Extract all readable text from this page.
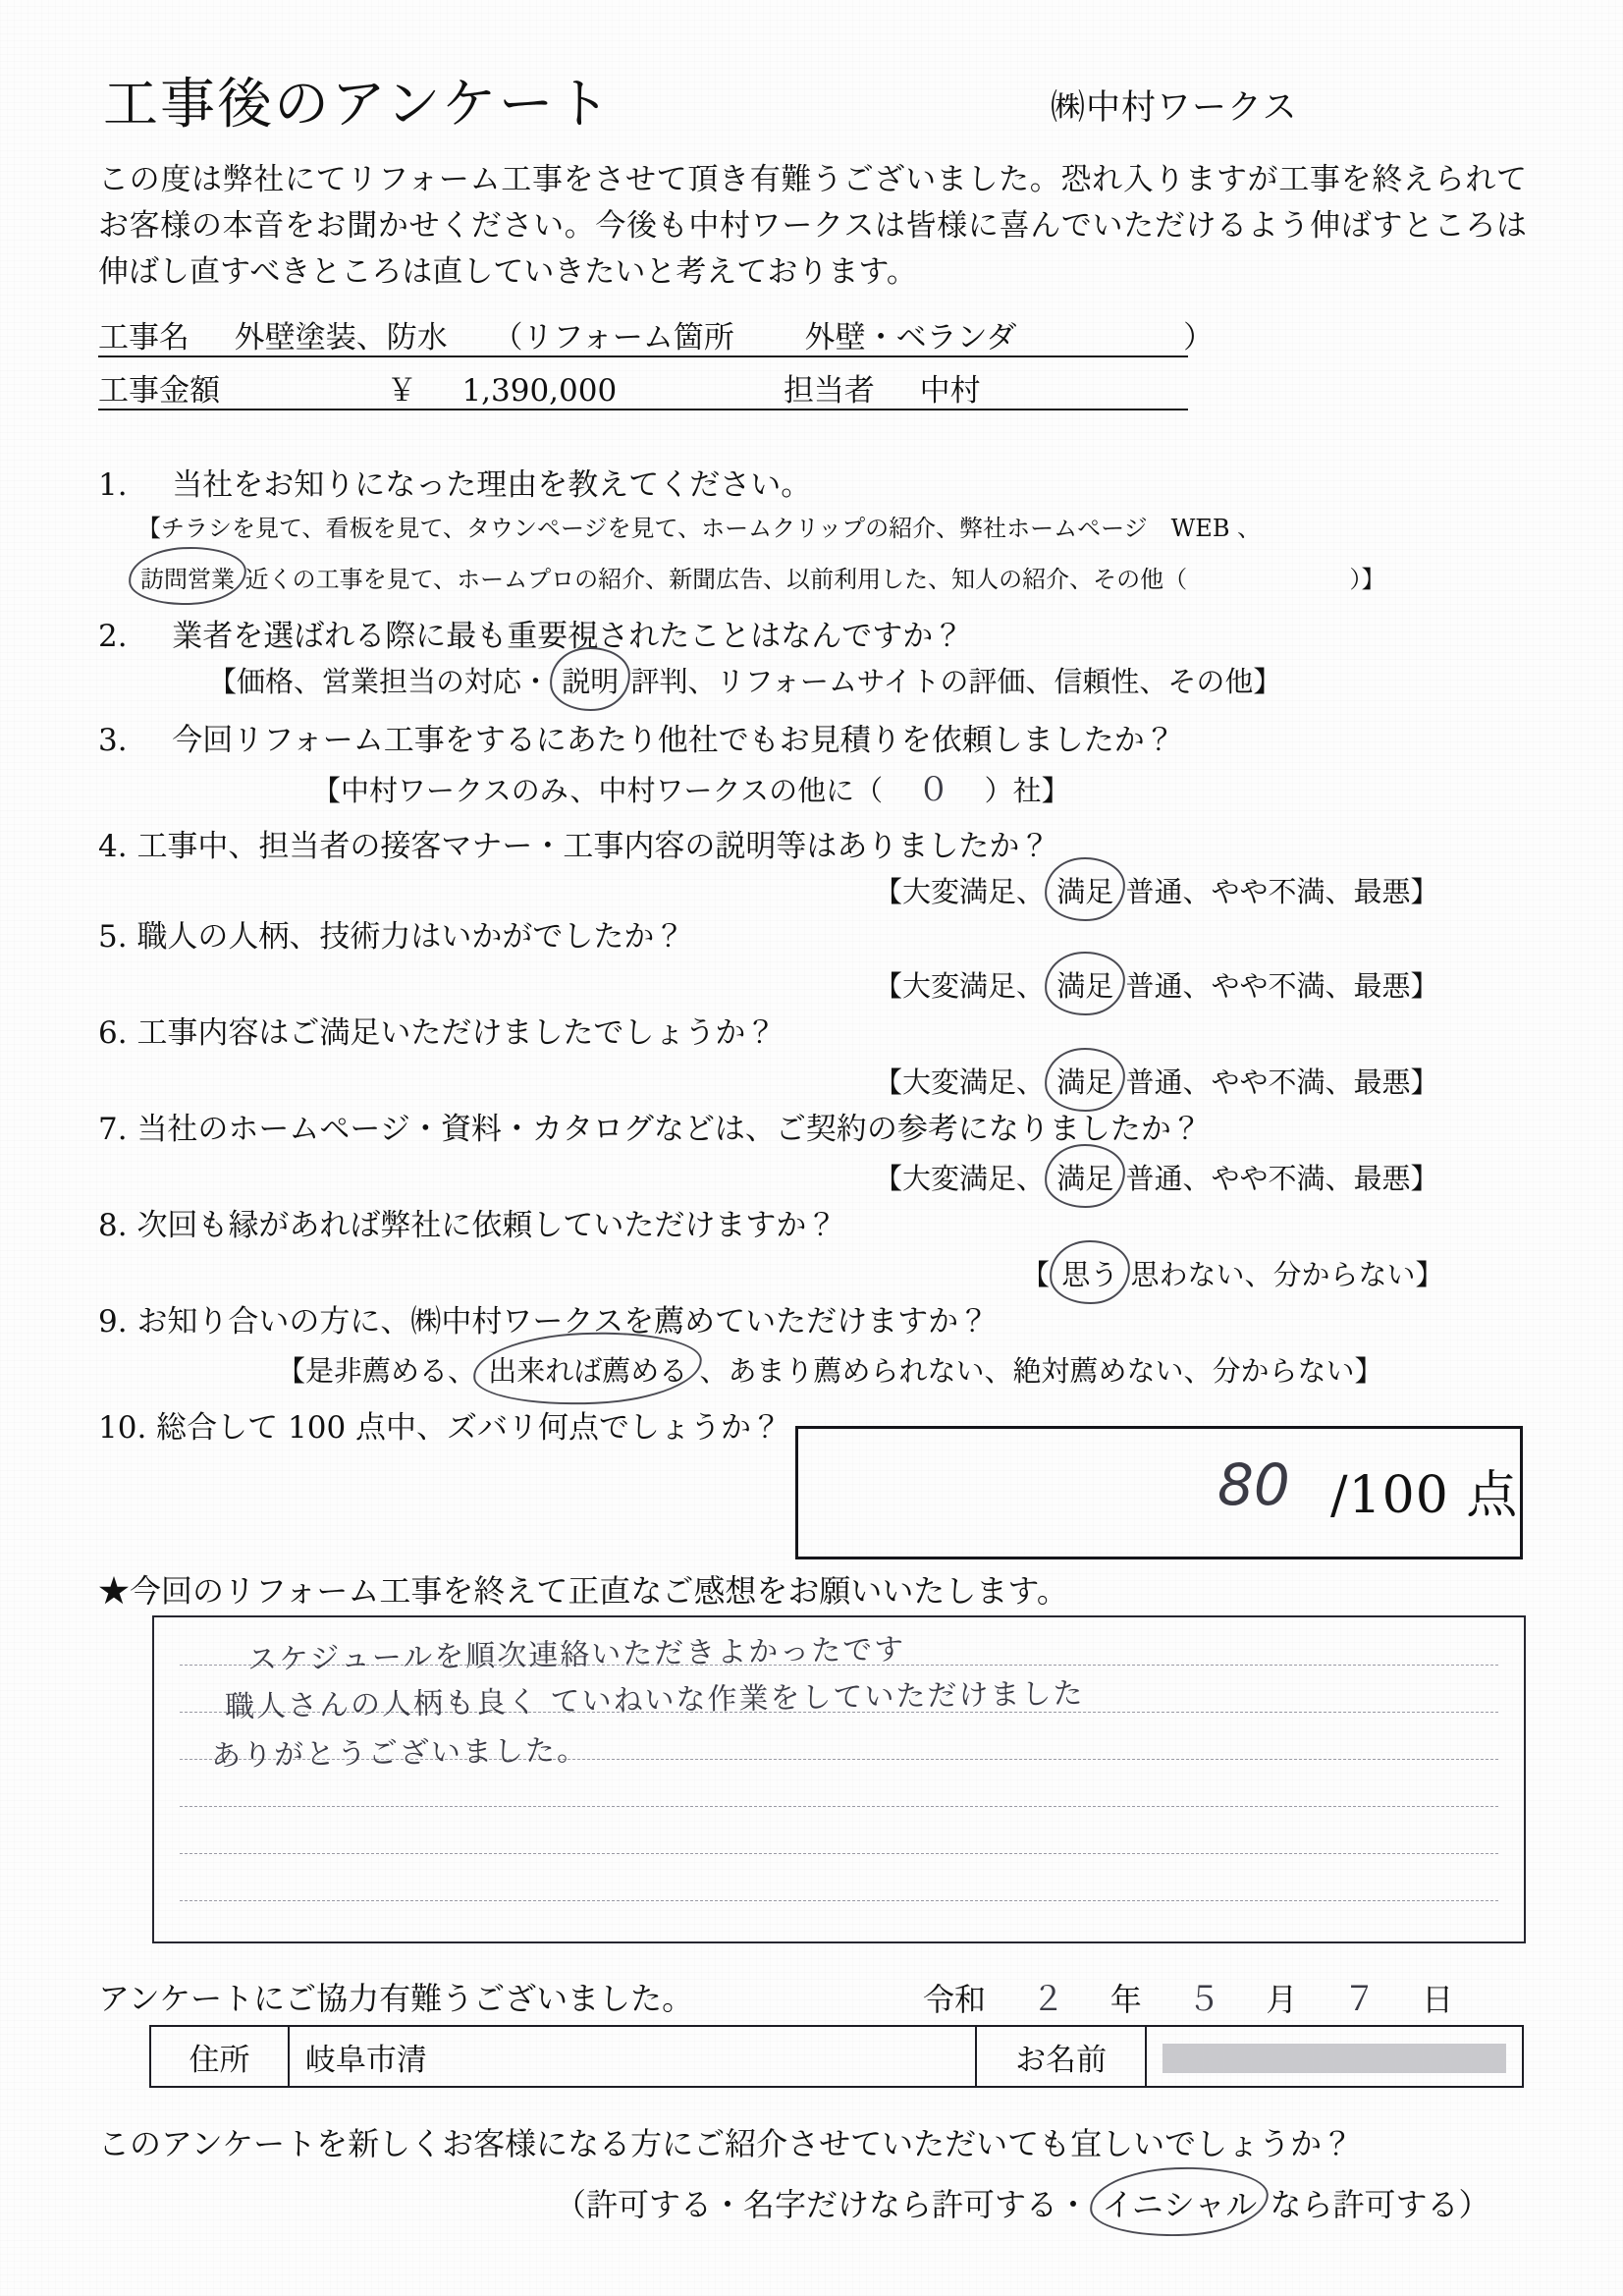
工事後のアンケート	㈱中村ワークス
この度は弊社にてリフォーム工事をさせて頂き有難うございました。恐れ入りますが工事を終えられてお客様の本音をお聞かせください。今後も中村ワークスは皆様に喜んでいただけるよう伸ばすところは伸ばし直すべきところは直していきたいと考えております。
工事名 外壁塗装、防水 （リフォーム箇所 外壁・ベランダ	）
工事金額	￥ 1,390,000	担当者 中村
1. 当社をお知りになった理由を教えてください。
【チラシを見て、看板を見て、タウンページを見て、ホームクリップの紹介、弊社ホームページ　WEB 、
訪問営業 近くの工事を見て、ホームプロの紹介、新聞広告、以前利用した、知人の紹介、その他（	）】
2. 業者を選ばれる際に最も重要視されたことはなんですか？
【価格、営業担当の対応・ 説明 評判、リフォームサイトの評価、信頼性、その他】
3. 今回リフォーム工事をするにあたり他社でもお見積りを依頼しましたか？
【中村ワークスのみ、中村ワークスの他に（ ０ ）社】
4. 工事中、担当者の接客マナー・工事内容の説明等はありましたか？
【大変満足、 満足 普通、やや不満、最悪】
5. 職人の人柄、技術力はいかがでしたか？
【大変満足、 満足 普通、やや不満、最悪】
6. 工事内容はご満足いただけましたでしょうか？
【大変満足、 満足 普通、やや不満、最悪】
7. 当社のホームページ・資料・カタログなどは、ご契約の参考になりましたか？
【大変満足、 満足 普通、やや不満、最悪】
8. 次回も縁があれば弊社に依頼していただけますか？
【 思う 思わない、分からない】
9. お知り合いの方に、㈱中村ワークスを薦めていただけますか？
【是非薦める、 出来れば薦める 、あまり薦められない、絶対薦めない、分からない】
10. 総合して 100 点中、ズバリ何点でしょうか？
80 /100 点
★今回のリフォーム工事を終えて正直なご感想をお願いいたします。
スケジュールを順次連絡いただきよかったです
職人さんの人柄も良く ていねいな作業をしていただけました
ありがとうございました。
アンケートにご協力有難うございました。	令和 ２ 年 ５ 月 ７ 日
住所	岐阜市清	お名前	
このアンケートを新しくお客様になる方にご紹介させていただいても宜しいでしょうか？
（許可する・名字だけなら許可する・ イニシャル なら許可する）
